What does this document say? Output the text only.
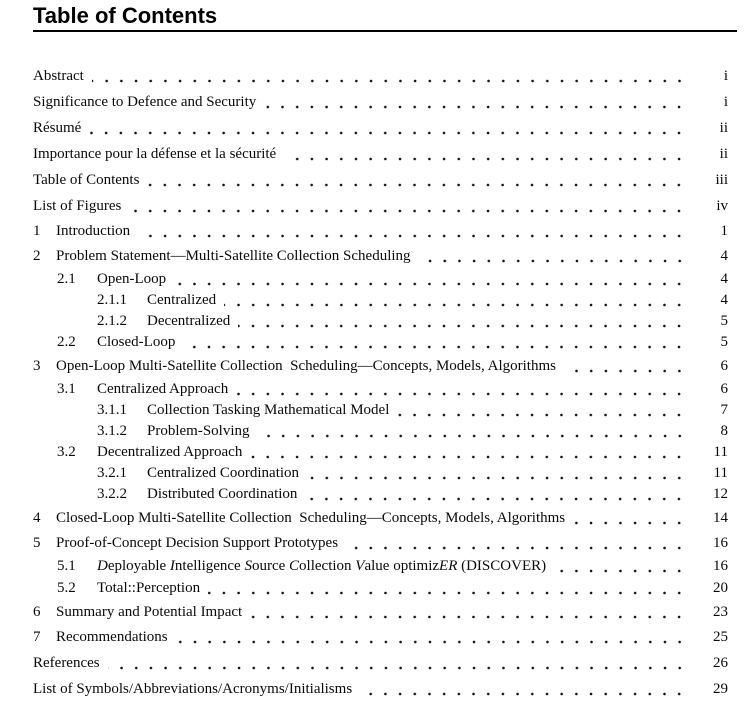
Table of Contents
Abstract	i
Significance to Defence and Security	i
Résumé	ii
Importance pour la défense et la sécurité	ii
Table of Contents	iii
List of Figures	iv
1	Introduction	1
2	Problem Statement—Multi-Satellite Collection Scheduling	4
2.1	Open-Loop	4
2.1.1	Centralized	4
2.1.2	Decentralized	5
2.2	Closed-Loop	5
3	Open-Loop Multi-Satellite Collection  Scheduling—Concepts, Models, Algorithms	6
3.1	Centralized Approach	6
3.1.1	Collection Tasking Mathematical Model	7
3.1.2	Problem-Solving	8
3.2	Decentralized Approach	11
3.2.1	Centralized Coordination	11
3.2.2	Distributed Coordination	12
4	Closed-Loop Multi-Satellite Collection  Scheduling—Concepts, Models, Algorithms	14
5	Proof-of-Concept Decision Support Prototypes	16
5.1	Deployable Intelligence Source Collection Value optimizER (DISCOVER)	16
5.2	Total::Perception	20
6	Summary and Potential Impact	23
7	Recommendations	25
References	26
List of Symbols/Abbreviations/Acronyms/Initialisms	29
